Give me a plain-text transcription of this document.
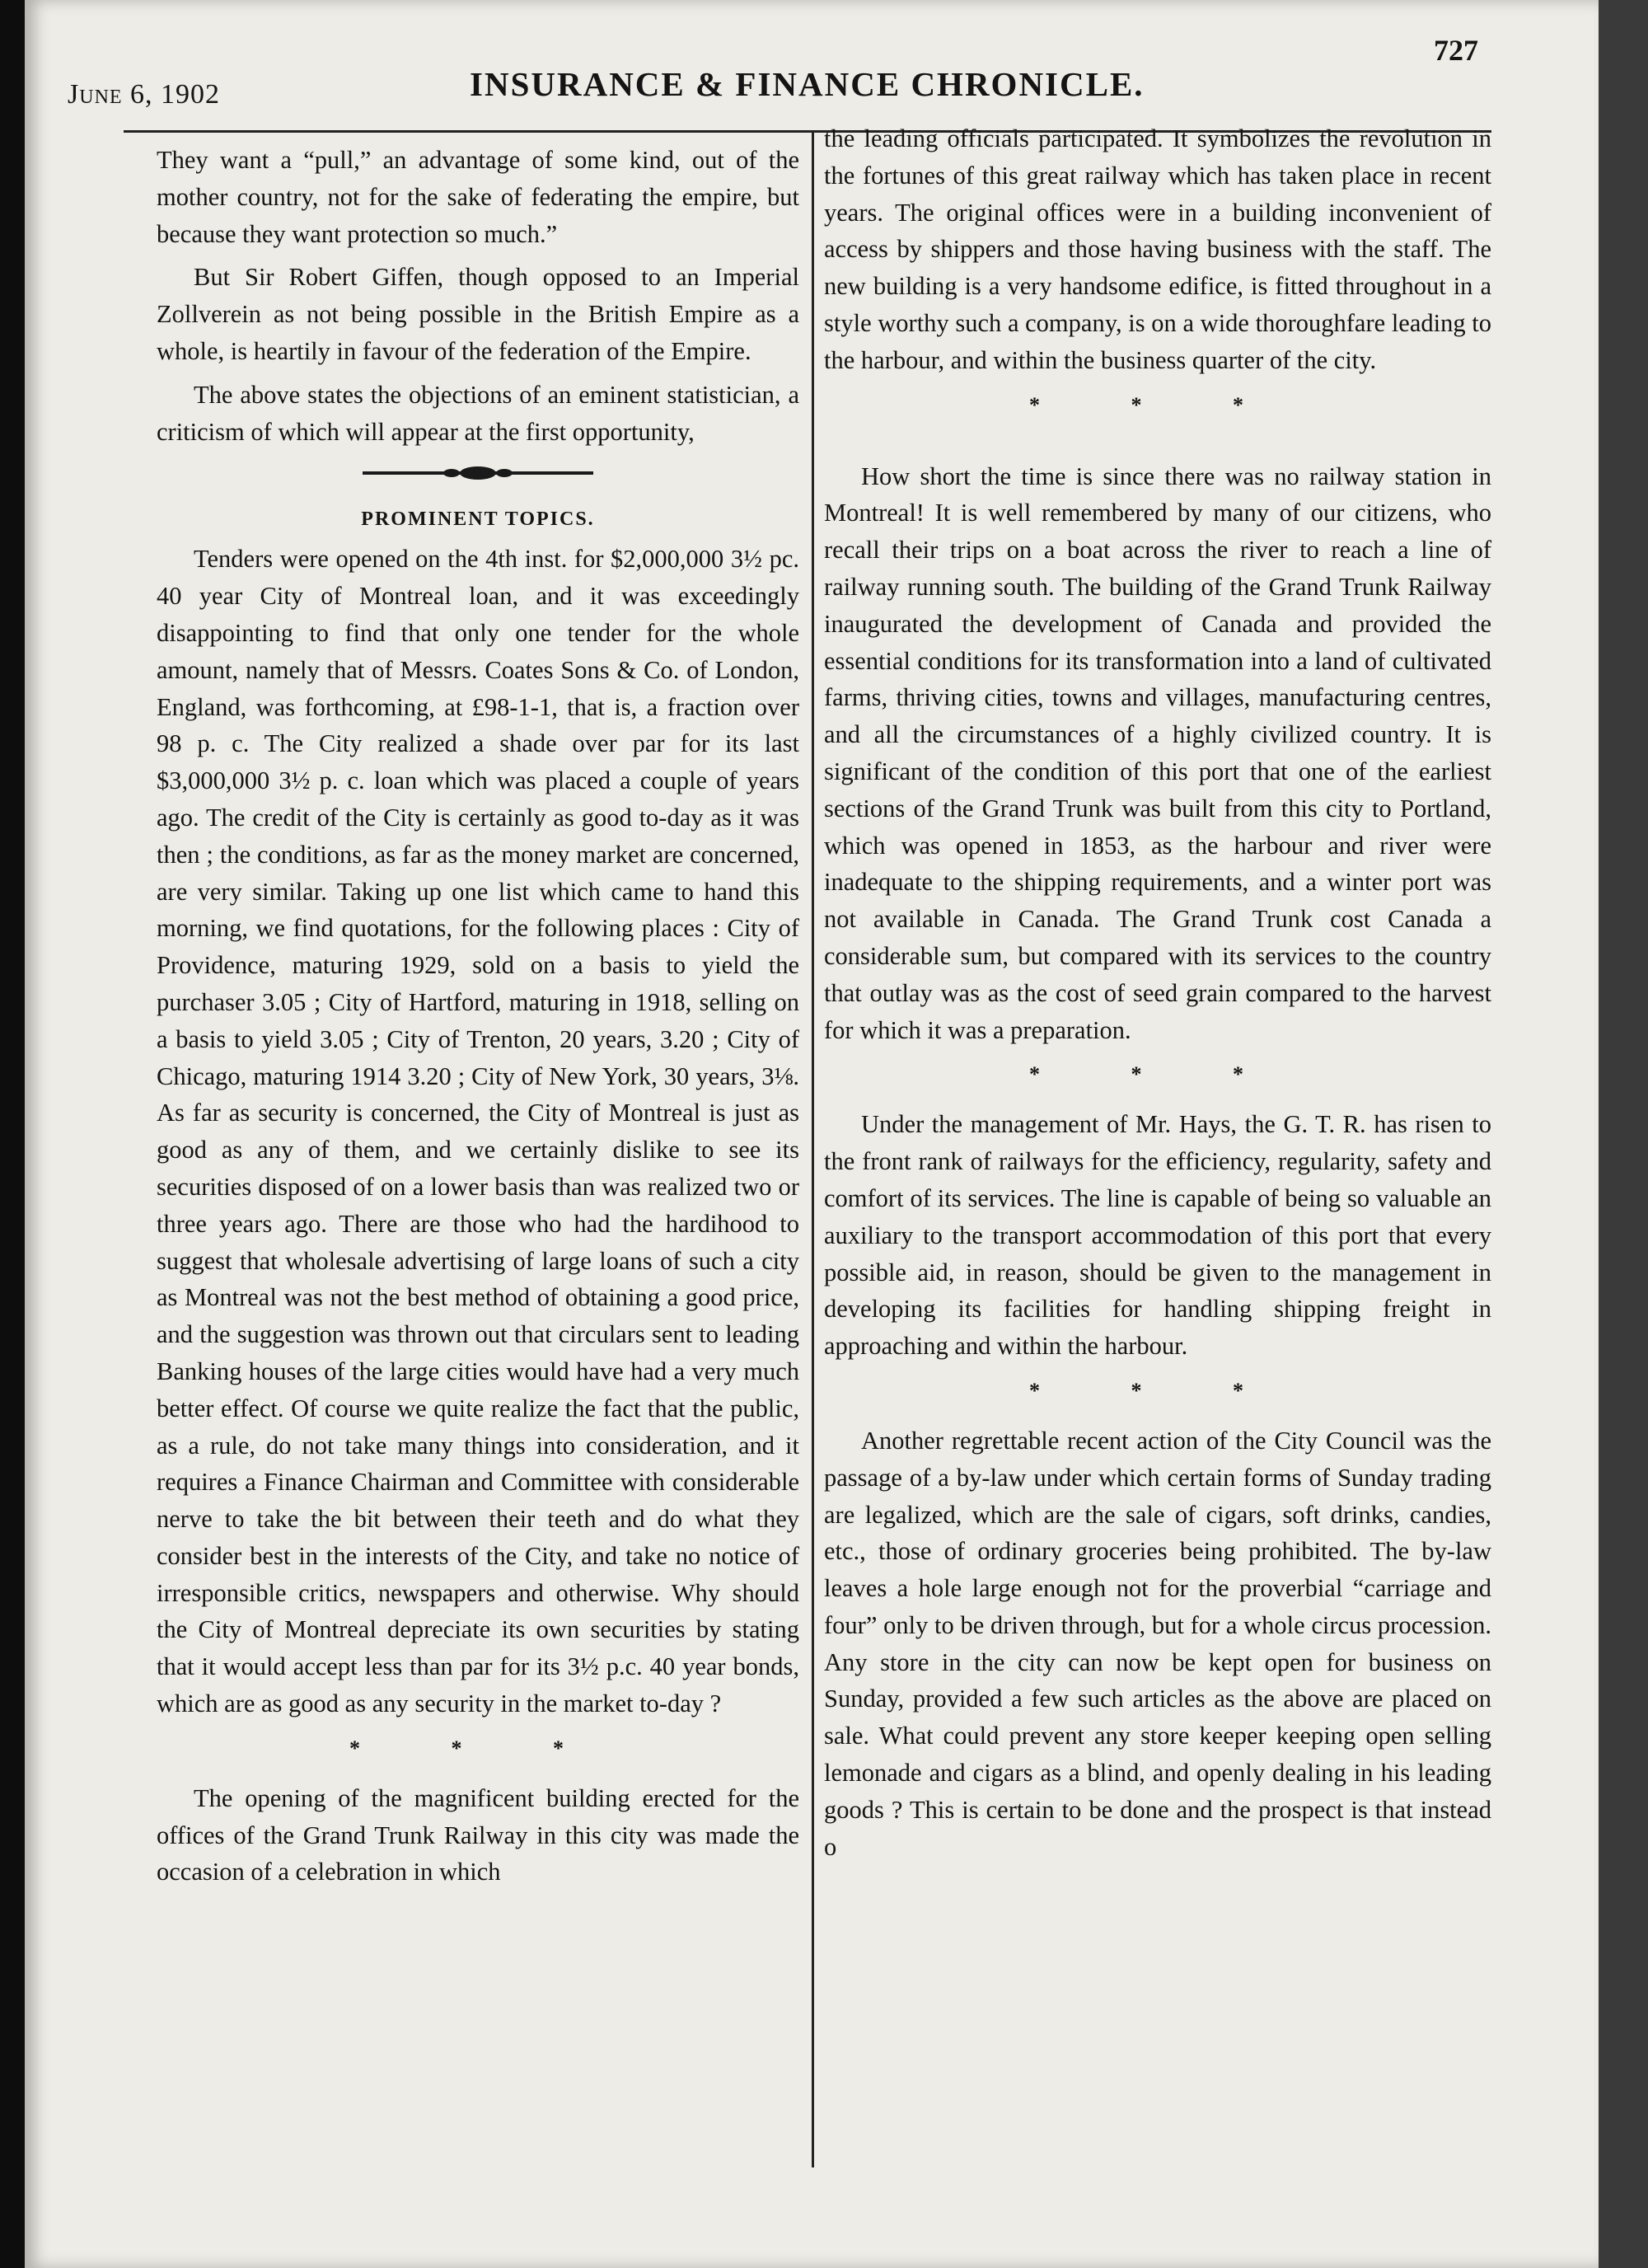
June 6, 1902	INSURANCE & FINANCE CHRONICLE.
727

They want a “pull,” an advantage of some kind, out of the mother country, not for the sake of federating the empire, but because they want protection so much.”

But Sir Robert Giffen, though opposed to an Imperial Zollverein as not being possible in the British Empire as a whole, is heartily in favour of the federation of the Empire.

The above states the objections of an eminent statistician, a criticism of which will appear at the first opportunity,

PROMINENT TOPICS.

Tenders were opened on the 4th inst. for $2,000,000 3½ pc. 40 year City of Montreal loan, and it was exceedingly disappointing to find that only one tender for the whole amount, namely that of Messrs. Coates Sons & Co. of London, England, was forthcoming, at £98-1-1, that is, a fraction over 98 p. c. The City realized a shade over par for its last $3,000,000 3½ p. c. loan which was placed a couple of years ago. The credit of the City is certainly as good to-day as it was then ; the conditions, as far as the money market are concerned, are very similar. Taking up one list which came to hand this morning, we find quotations, for the following places : City of Providence, maturing 1929, sold on a basis to yield the purchaser 3.05 ; City of Hartford, maturing in 1918, selling on a basis to yield 3.05 ; City of Trenton, 20 years, 3.20 ; City of Chicago, maturing 1914 3.20 ; City of New York, 30 years, 3⅛. As far as security is concerned, the City of Montreal is just as good as any of them, and we certainly dislike to see its securities disposed of on a lower basis than was realized two or three years ago. There are those who had the hardihood to suggest that wholesale advertising of large loans of such a city as Montreal was not the best method of obtaining a good price, and the suggestion was thrown out that circulars sent to leading Banking houses of the large cities would have had a very much better effect. Of course we quite realize the fact that the public, as a rule, do not take many things into consideration, and it requires a Finance Chairman and Committee with considerable nerve to take the bit between their teeth and do what they consider best in the interests of the City, and take no notice of irresponsible critics, newspapers and otherwise. Why should the City of Montreal depreciate its own securities by stating that it would accept less than par for its 3½ p.c. 40 year bonds, which are as good as any security in the market to-day ?

* * *

The opening of the magnificent building erected for the offices of the Grand Trunk Railway in this city was made the occasion of a celebration in which

the leading officials participated. It symbolizes the revolution in the fortunes of this great railway which has taken place in recent years. The original offices were in a building inconvenient of access by shippers and those having business with the staff. The new building is a very handsome edifice, is fitted throughout in a style worthy such a company, is on a wide thoroughfare leading to the harbour, and within the business quarter of the city.

* * *

How short the time is since there was no railway station in Montreal! It is well remembered by many of our citizens, who recall their trips on a boat across the river to reach a line of railway running south. The building of the Grand Trunk Railway inaugurated the development of Canada and provided the essential conditions for its transformation into a land of cultivated farms, thriving cities, towns and villages, manufacturing centres, and all the circumstances of a highly civilized country. It is significant of the condition of this port that one of the earliest sections of the Grand Trunk was built from this city to Portland, which was opened in 1853, as the harbour and river were inadequate to the shipping requirements, and a winter port was not available in Canada. The Grand Trunk cost Canada a considerable sum, but compared with its services to the country that outlay was as the cost of seed grain compared to the harvest for which it was a preparation.

* * *

Under the management of Mr. Hays, the G. T. R. has risen to the front rank of railways for the efficiency, regularity, safety and comfort of its services. The line is capable of being so valuable an auxiliary to the transport accommodation of this port that every possible aid, in reason, should be given to the management in developing its facilities for handling shipping freight in approaching and within the harbour.

* * *

Another regrettable recent action of the City Council was the passage of a by-law under which certain forms of Sunday trading are legalized, which are the sale of cigars, soft drinks, candies, etc., those of ordinary groceries being prohibited. The by-law leaves a hole large enough not for the proverbial “carriage and four” only to be driven through, but for a whole circus procession. Any store in the city can now be kept open for business on Sunday, provided a few such articles as the above are placed on sale. What could prevent any store keeper keeping open selling lemonade and cigars as a blind, and openly dealing in his leading goods ? This is certain to be done and the prospect is that instead o
